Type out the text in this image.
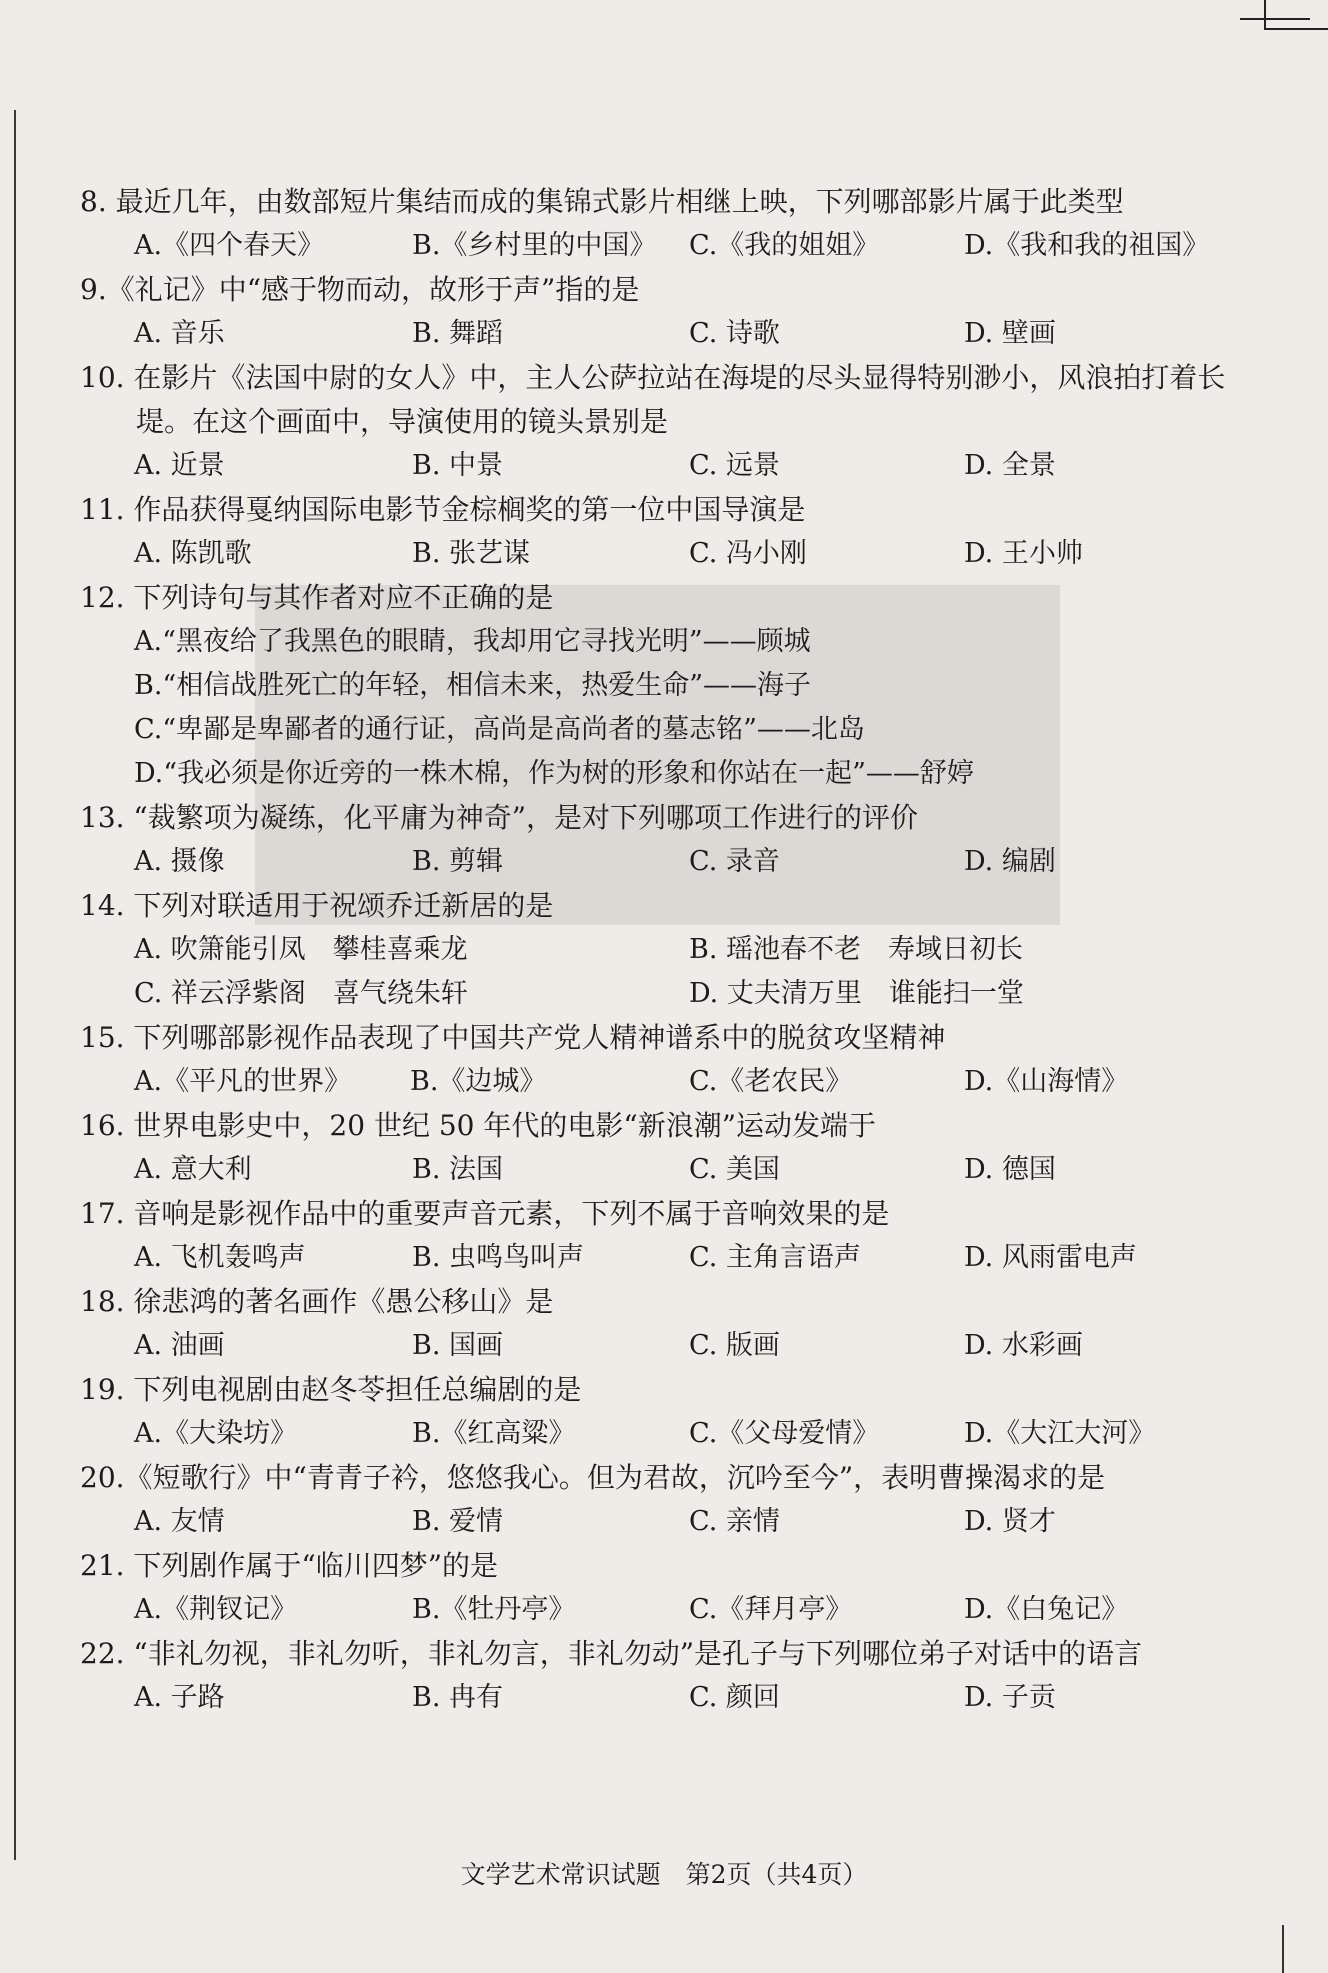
8. 最近几年，由数部短片集结而成的集锦式影片相继上映，下列哪部影片属于此类型
A.《四个春天》	B.《乡村里的中国》 C.《我的姐姐》	D.《我和我的祖国》
9.《礼记》中“感于物而动，故形于声”指的是
A. 音乐	B. 舞蹈	C. 诗歌	D. 壁画
10. 在影片《法国中尉的女人》中，主人公萨拉站在海堤的尽头显得特别渺小，风浪拍打着长
堤。在这个画面中，导演使用的镜头景别是
A. 近景	B. 中景	C. 远景	D. 全景
11. 作品获得戛纳国际电影节金棕榈奖的第一位中国导演是
A. 陈凯歌	B. 张艺谋	C. 冯小刚	D. 王小帅
12. 下列诗句与其作者对应不正确的是
A.“黑夜给了我黑色的眼睛，我却用它寻找光明”——顾城
B.“相信战胜死亡的年轻，相信未来，热爱生命”——海子
C.“卑鄙是卑鄙者的通行证，高尚是高尚者的墓志铭”——北岛
D.“我必须是你近旁的一株木棉，作为树的形象和你站在一起”——舒婷
13. “裁繁项为凝练，化平庸为神奇”，是对下列哪项工作进行的评价
A. 摄像	B. 剪辑	C. 录音	D. 编剧
14. 下列对联适用于祝颂乔迁新居的是
A. 吹箫能引凤　攀桂喜乘龙	B. 瑶池春不老　寿域日初长
C. 祥云浮紫阁　喜气绕朱轩	D. 丈夫清万里　谁能扫一堂
15. 下列哪部影视作品表现了中国共产党人精神谱系中的脱贫攻坚精神
A.《平凡的世界》 B.《边城》	C.《老农民》	D.《山海情》
16. 世界电影史中，20 世纪 50 年代的电影“新浪潮”运动发端于
A. 意大利	B. 法国	C. 美国	D. 德国
17. 音响是影视作品中的重要声音元素，下列不属于音响效果的是
A. 飞机轰鸣声	B. 虫鸣鸟叫声	C. 主角言语声	D. 风雨雷电声
18. 徐悲鸿的著名画作《愚公移山》是
A. 油画	B. 国画	C. 版画	D. 水彩画
19. 下列电视剧由赵冬苓担任总编剧的是
A.《大染坊》	B.《红高粱》	C.《父母爱情》	D.《大江大河》
20.《短歌行》中“青青子衿，悠悠我心。但为君故，沉吟至今”，表明曹操渴求的是
A. 友情	B. 爱情	C. 亲情	D. 贤才
21. 下列剧作属于“临川四梦”的是
A.《荆钗记》	B.《牡丹亭》	C.《拜月亭》	D.《白兔记》
22. “非礼勿视，非礼勿听，非礼勿言，非礼勿动”是孔子与下列哪位弟子对话中的语言
A. 子路	B. 冉有	C. 颜回	D. 子贡
文学艺术常识试题　第2页（共4页）
